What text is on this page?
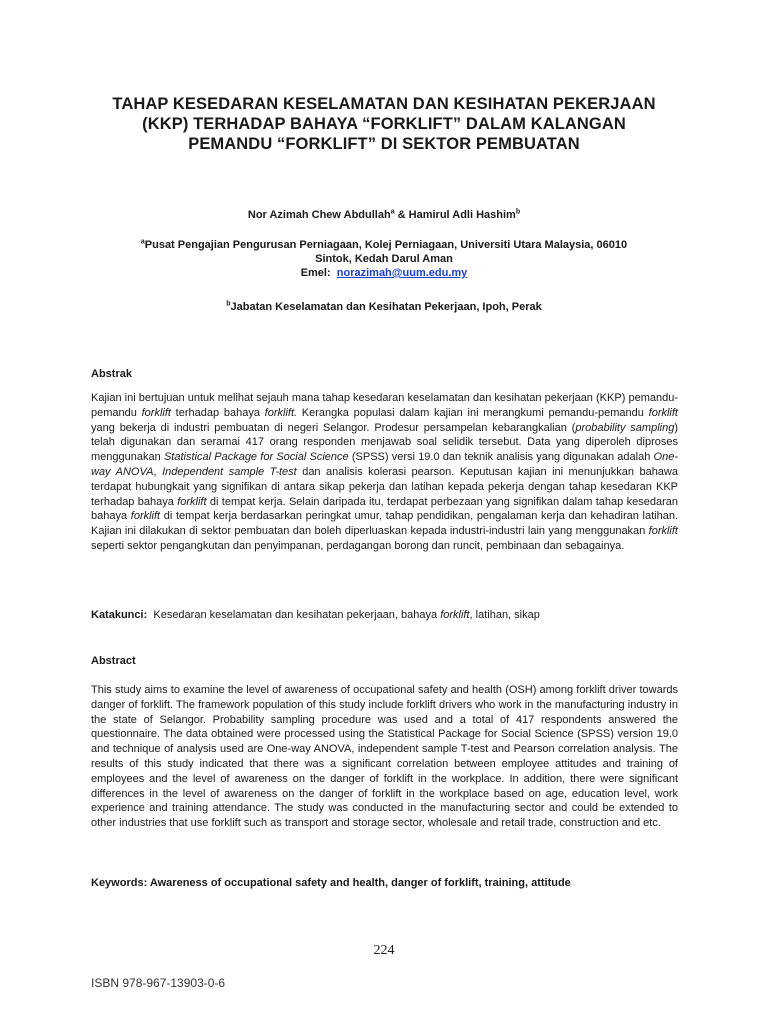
TAHAP KESEDARAN KESELAMATAN DAN KESIHATAN PEKERJAAN
(KKP) TERHADAP BAHAYA “FORKLIFT” DALAM KALANGAN
PEMANDU “FORKLIFT” DI SEKTOR PEMBUATAN
Nor Azimah Chew Abdullah$^a$ & Hamirul Adli Hashim$^b$
$^a$Pusat Pengajian Pengurusan Perniagaan, Kolej Perniagaan, Universiti Utara Malaysia, 06010
Sintok, Kedah Darul Aman
Emel:  norazimah@uum.edu.my
$^b$Jabatan Keselamatan dan Kesihatan Pekerjaan, Ipoh, Perak
Abstrak
Kajian ini bertujuan untuk melihat sejauh mana tahap kesedaran keselamatan dan kesihatan pekerjaan (KKP) pemandu-pemandu forklift terhadap bahaya forklift. Kerangka populasi dalam kajian ini merangkumi pemandu-pemandu forklift yang bekerja di industri pembuatan di negeri Selangor. Prodesur persampelan kebarangkalian (probability sampling) telah digunakan dan seramai 417 orang responden menjawab soal selidik tersebut. Data yang diperoleh diproses menggunakan Statistical Package for Social Science (SPSS) versi 19.0 dan teknik analisis yang digunakan adalah One-way ANOVA, Independent sample T-test dan analisis kolerasi pearson. Keputusan kajian ini menunjukkan bahawa terdapat hubungkait yang signifikan di antara sikap pekerja dan latihan kepada pekerja dengan tahap kesedaran KKP terhadap bahaya forklift di tempat kerja. Selain daripada itu, terdapat perbezaan yang signifikan dalam tahap kesedaran bahaya forklift di tempat kerja berdasarkan peringkat umur, tahap pendidikan, pengalaman kerja dan kehadiran latihan. Kajian ini dilakukan di sektor pembuatan dan boleh diperluaskan kepada industri-industri lain yang menggunakan forklift seperti sektor pengangkutan dan penyimpanan, perdagangan borong dan runcit, pembinaan dan sebagainya.
Katakunci:  Kesedaran keselamatan dan kesihatan pekerjaan, bahaya forklift, latihan, sikap
Abstract
This study aims to examine the level of awareness of occupational safety and health (OSH) among forklift driver towards danger of forklift. The framework population of this study include forklift drivers who work in the manufacturing industry in the state of Selangor. Probability sampling procedure was used and a total of 417 respondents answered the questionnaire. The data obtained were processed using the Statistical Package for Social Science (SPSS) version 19.0 and technique of analysis used are One-way ANOVA, independent sample T-test and Pearson correlation analysis. The results of this study indicated that there was a significant correlation between employee attitudes and training of employees and the level of awareness on the danger of forklift in the workplace. In addition, there were significant differences in the level of awareness on the danger of forklift in the workplace based on age, education level, work experience and training attendance. The study was conducted in the manufacturing sector and could be extended to other industries that use forklift such as transport and storage sector, wholesale and retail trade, construction and etc.
Keywords: Awareness of occupational safety and health, danger of forklift, training, attitude
224
ISBN 978-967-13903-0-6
